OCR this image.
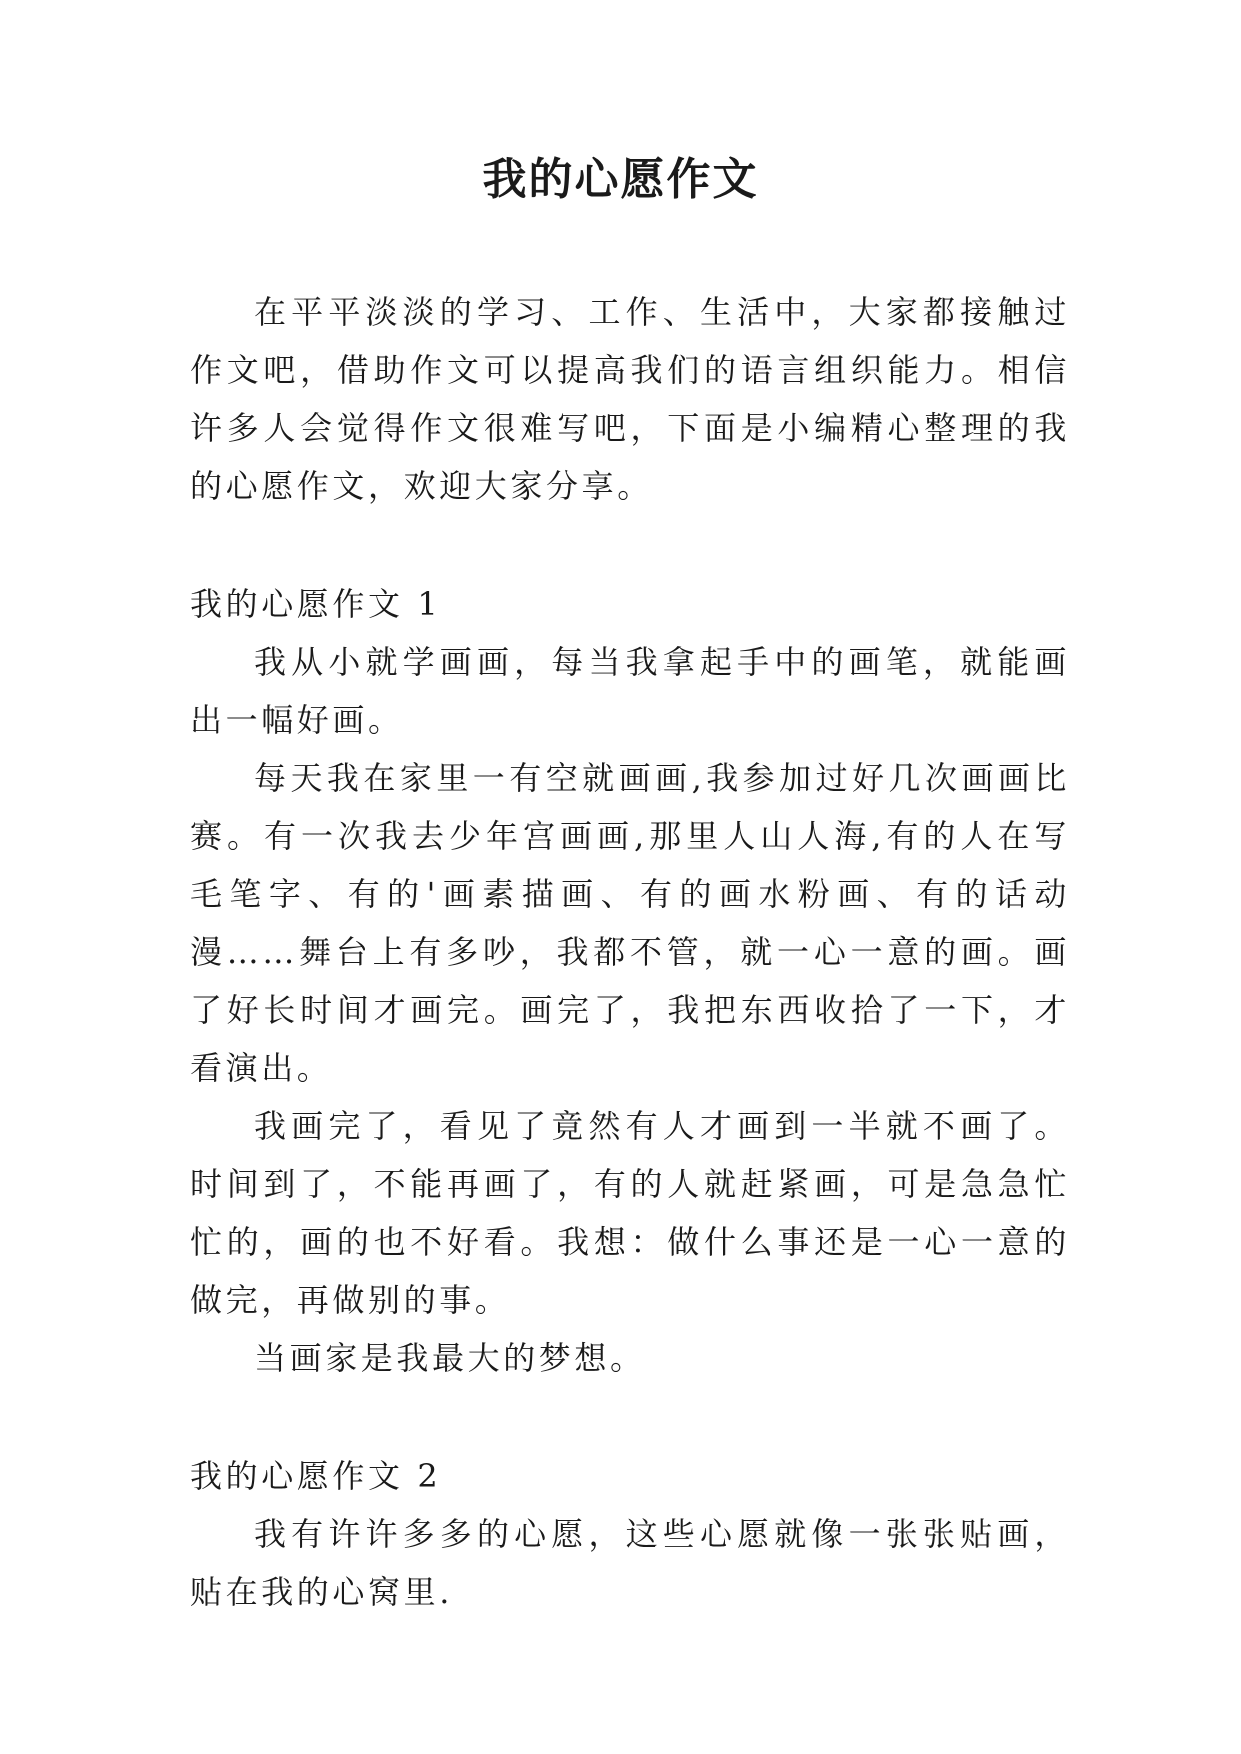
我的心愿作文

在平平淡淡的学习、工作、生活中，大家都接触过作文吧，借助作文可以提高我们的语言组织能力。相信许多人会觉得作文很难写吧，下面是小编精心整理的我的心愿作文，欢迎大家分享。

我的心愿作文 1

我从小就学画画，每当我拿起手中的画笔，就能画出一幅好画。

每天我在家里一有空就画画,我参加过好几次画画比赛。有一次我去少年宫画画,那里人山人海,有的人在写毛笔字、有的'画素描画、有的画水粉画、有的话动漫……舞台上有多吵，我都不管，就一心一意的画。画了好长时间才画完。画完了，我把东西收拾了一下，才看演出。

我画完了，看见了竟然有人才画到一半就不画了。时间到了，不能再画了，有的人就赶紧画，可是急急忙忙的，画的也不好看。我想：做什么事还是一心一意的做完，再做别的事。

当画家是我最大的梦想。

我的心愿作文 2

我有许许多多的心愿，这些心愿就像一张张贴画，贴在我的心窝里.
